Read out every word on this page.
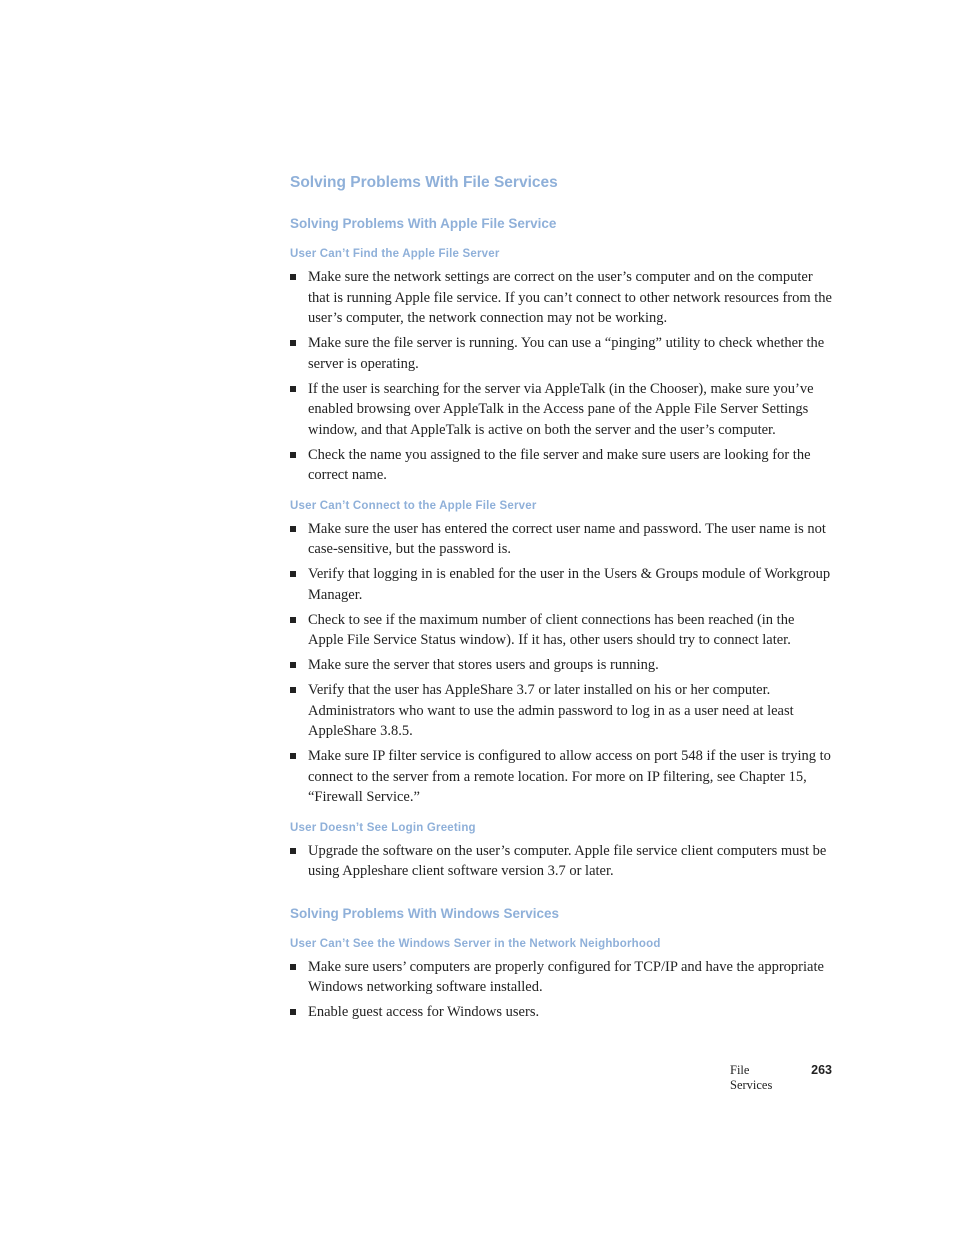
Solving Problems With File Services
Solving Problems With Apple File Service
User Can’t Find the Apple File Server
Make sure the network settings are correct on the user’s computer and on the computer that is running Apple file service. If you can’t connect to other network resources from the user’s computer, the network connection may not be working.
Make sure the file server is running. You can use a “pinging” utility to check whether the server is operating.
If the user is searching for the server via AppleTalk (in the Chooser), make sure you’ve enabled browsing over AppleTalk in the Access pane of the Apple File Server Settings window, and that AppleTalk is active on both the server and the user’s computer.
Check the name you assigned to the file server and make sure users are looking for the correct name.
User Can’t Connect to the Apple File Server
Make sure the user has entered the correct user name and password. The user name is not case-sensitive, but the password is.
Verify that logging in is enabled for the user in the Users & Groups module of Workgroup Manager.
Check to see if the maximum number of client connections has been reached (in the Apple File Service Status window). If it has, other users should try to connect later.
Make sure the server that stores users and groups is running.
Verify that the user has AppleShare 3.7 or later installed on his or her computer. Administrators who want to use the admin password to log in as a user need at least AppleShare 3.8.5.
Make sure IP filter service is configured to allow access on port 548 if the user is trying to connect to the server from a remote location. For more on IP filtering, see Chapter 15, “Firewall Service.”
User Doesn’t See Login Greeting
Upgrade the software on the user’s computer. Apple file service client computers must be using Appleshare client software version 3.7 or later.
Solving Problems With Windows Services
User Can’t See the Windows Server in the Network Neighborhood
Make sure users’ computers are properly configured for TCP/IP and have the appropriate Windows networking software installed.
Enable guest access for Windows users.
File Services
263
